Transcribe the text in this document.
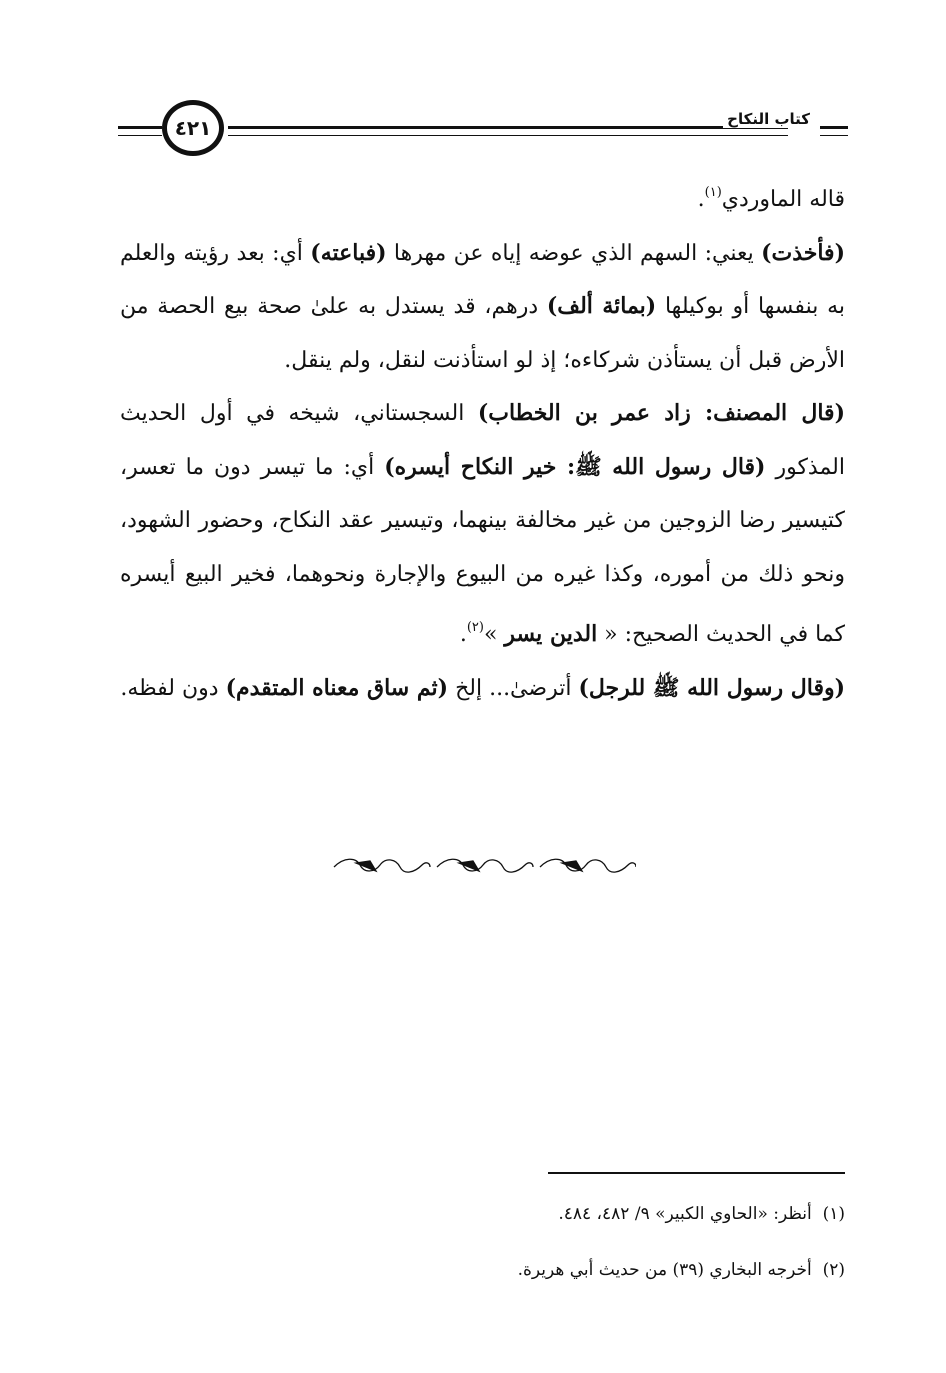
٤٢١	كتاب النكاح

قاله الماوردي$^{(١)}$.

(فأخذت) يعني: السهم الذي عوضه إياه عن مهرها (فباعته) أي: بعد رؤيته والعلم به بنفسها أو بوكيلها (بمائة ألف) درهم، قد يستدل به علىٰ صحة بيع الحصة من الأرض قبل أن يستأذن شركاءه؛ إذ لو استأذنت لنقل، ولم ينقل.

(قال المصنف: زاد عمر بن الخطاب) السجستاني، شيخه في أول الحديث المذكور (قال رسول الله ﷺ: خير النكاح أيسره) أي: ما تيسر دون ما تعسر، كتيسير رضا الزوجين من غير مخالفة بينهما، وتيسير عقد النكاح، وحضور الشهود، ونحو ذلك من أموره، وكذا غيره من البيوع والإجارة ونحوهما، فخير البيع أيسره كما في الحديث الصحيح: « الدين يسر »$^{(٢)}$.

(وقال رسول الله ﷺ للرجل) أترضىٰ... إلخ (ثم ساق معناه المتقدم) دون لفظه.

(١)  أنظر: «الحاوي الكبير» ٩/ ٤٨٢، ٤٨٤.

(٢)  أخرجه البخاري (٣٩) من حديث أبي هريرة.
